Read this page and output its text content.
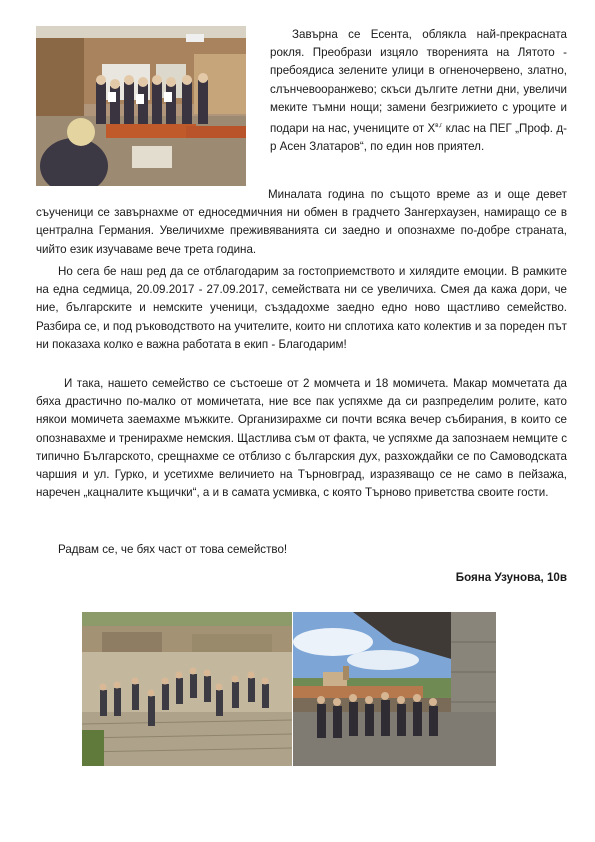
Завърна се Есента, облякла най-прекрасната рокля. Преобрази изцяло творенията на Лятото - пребоядиса зелените улици в огненочервено, златно, слънчевооранжево; скъси дългите летни дни, увеличи меките тъмни нощи; замени безгрижието с уроците и подари на нас, учениците от $Х^{в,г}$ клас на ПЕГ „Проф. д-р Асен Златаров“, по един нов приятел.

Миналата година по същото време аз и още девет съученици се завърнахме от едноседмичния ни обмен в градчето Зангерхаузен, намиращо се в централна Германия. Увеличихме преживяванията си заедно и опознахме по-добре страната, чийто език изучаваме вече трета година.

Но сега бе наш ред да се отблагодарим за гостоприемството и хилядите емоции. В рамките на една седмица, 20.09.2017 - 27.09.2017, семействата ни се увеличиха. Смея да кажа дори, че ние, българските и немските ученици, създадохме заедно едно ново щастливо семейство. Разбира се, и под ръководството на учителите, които ни сплотиха като колектив и за пореден път ни показаха колко е важна работата в екип - Благодарим!

И така, нашето семейство се състоеше от 2 момчета и 18 момичета. Макар момчетата да бяха драстично по-малко от момичетата, ние все пак успяхме да си разпределим ролите, като някои момичета заемахме мъжките. Организирахме си почти всяка вечер събирания, в които се опознавахме и тренирахме немския. Щастлива съм от факта, че успяхме да запознаем немците с типично Българското, срещнахме се отблизо с българския дух, разхождайки се по Самоводската чаршия и ул. Гурко, и усетихме величието на Търновград, изразяващо се не само в пейзажа, наречен „кацналите къщички“, а и в самата усмивка, с която Търново приветства своите гости.

Радвам се, че бях част от това семейство!

Бояна Узунова, 10в
